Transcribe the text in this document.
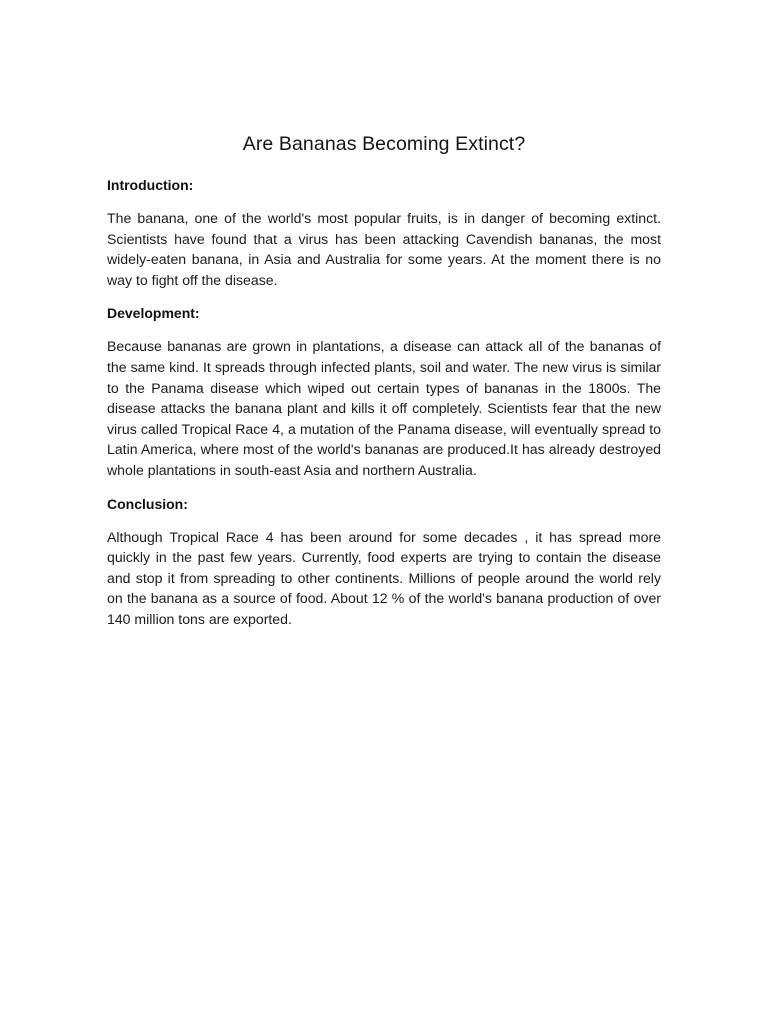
Are Bananas Becoming Extinct?
Introduction:

The banana, one of the world's most popular fruits, is in danger of becoming extinct. Scientists have found that a virus has been attacking Cavendish bananas, the most widely-eaten banana, in Asia and Australia for some years. At the moment there is no way to fight off the disease.

Development:

Because bananas are grown in plantations, a disease can attack all of the bananas of the same kind. It spreads through infected plants, soil and water. The new virus is similar to the Panama disease which wiped out certain types of bananas in the 1800s. The disease attacks the banana plant and kills it off completely. Scientists fear that the new virus called Tropical Race 4, a mutation of the Panama disease, will eventually spread to Latin America, where most of the world's bananas are produced.It has already destroyed whole plantations in south-east Asia and northern Australia.

Conclusion:

Although Tropical Race 4 has been around for some decades , it has spread more quickly in the past few years. Currently, food experts are trying to contain the disease and stop it from spreading to other continents. Millions of people around the world rely on the banana as a source of food. About 12 % of the world's banana production of over 140 million tons are exported.
